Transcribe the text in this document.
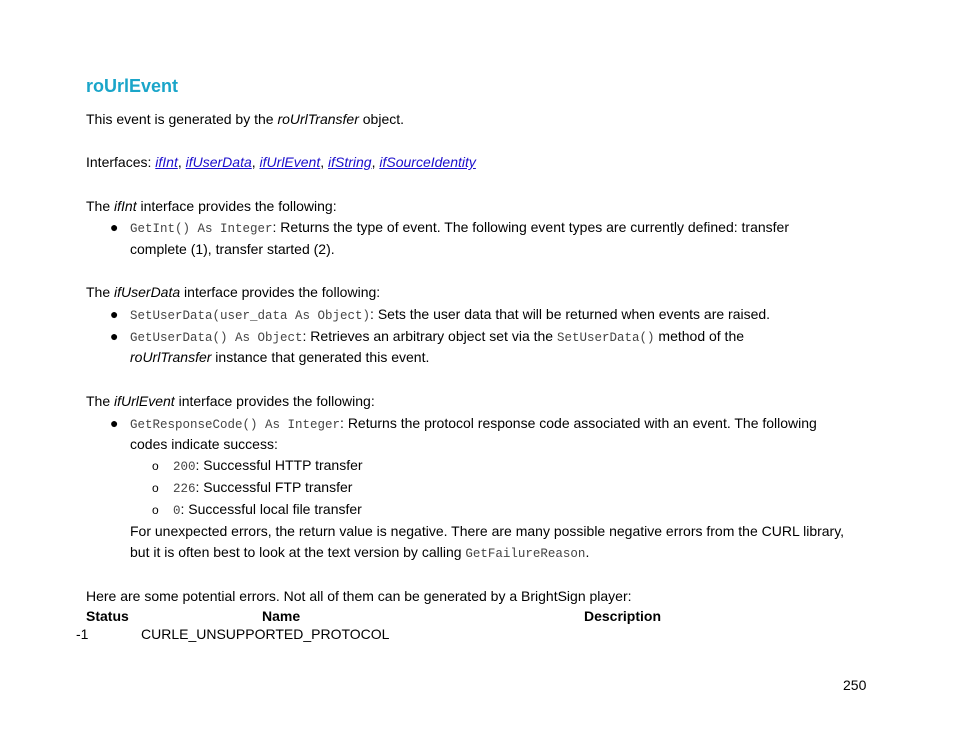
roUrlEvent
This event is generated by the roUrlTransfer object.
Interfaces: ifInt, ifUserData, ifUrlEvent, ifString, ifSourceIdentity
The ifInt interface provides the following:
● GetInt() As Integer: Returns the type of event. The following event types are currently defined: transfer
complete (1), transfer started (2).
The ifUserData interface provides the following:
● SetUserData(user_data As Object): Sets the user data that will be returned when events are raised.
● GetUserData() As Object: Retrieves an arbitrary object set via the SetUserData() method of the
roUrlTransfer instance that generated this event.
The ifUrlEvent interface provides the following:
● GetResponseCode() As Integer: Returns the protocol response code associated with an event. The following
codes indicate success:
o 200: Successful HTTP transfer
o 226: Successful FTP transfer
o 0: Successful local file transfer
For unexpected errors, the return value is negative. There are many possible negative errors from the CURL library,
but it is often best to look at the text version by calling GetFailureReason.
Here are some potential errors. Not all of them can be generated by a BrightSign player:
Status	Name	Description
-1	CURLE_UNSUPPORTED_PROTOCOL
250
